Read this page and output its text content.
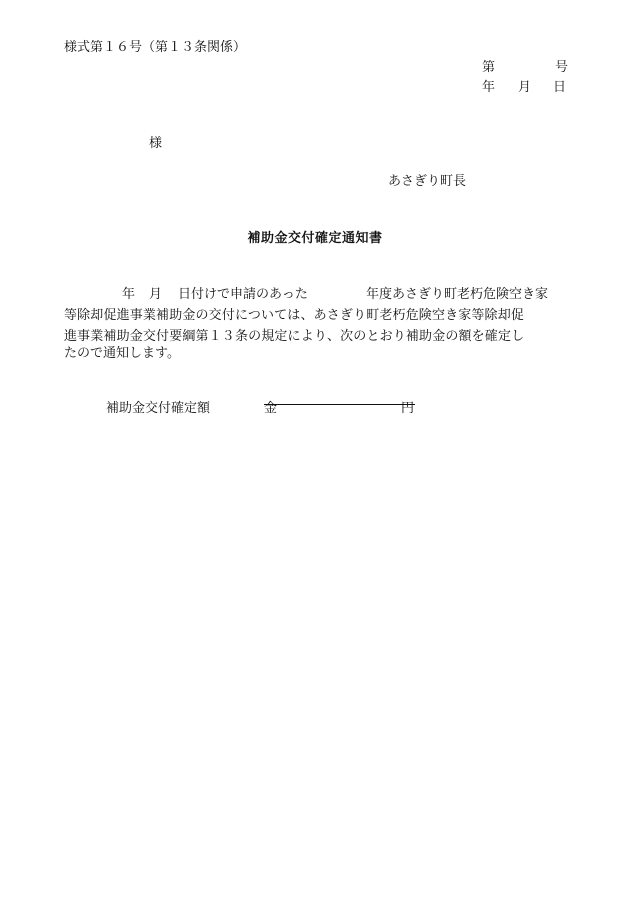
様式第１６号（第１３条関係）
第	号
年 月 日
様
あさぎり町長
補助金交付確定通知書
年 月 日付けで申請のあった	年度あさぎり町老朽危険空き家
等除却促進事業補助金の交付については、あさぎり町老朽危険空き家等除却促
進事業補助金交付要綱第１３条の規定により、次のとおり補助金の額を確定し
たので通知します。
補助金交付確定額	金	円
